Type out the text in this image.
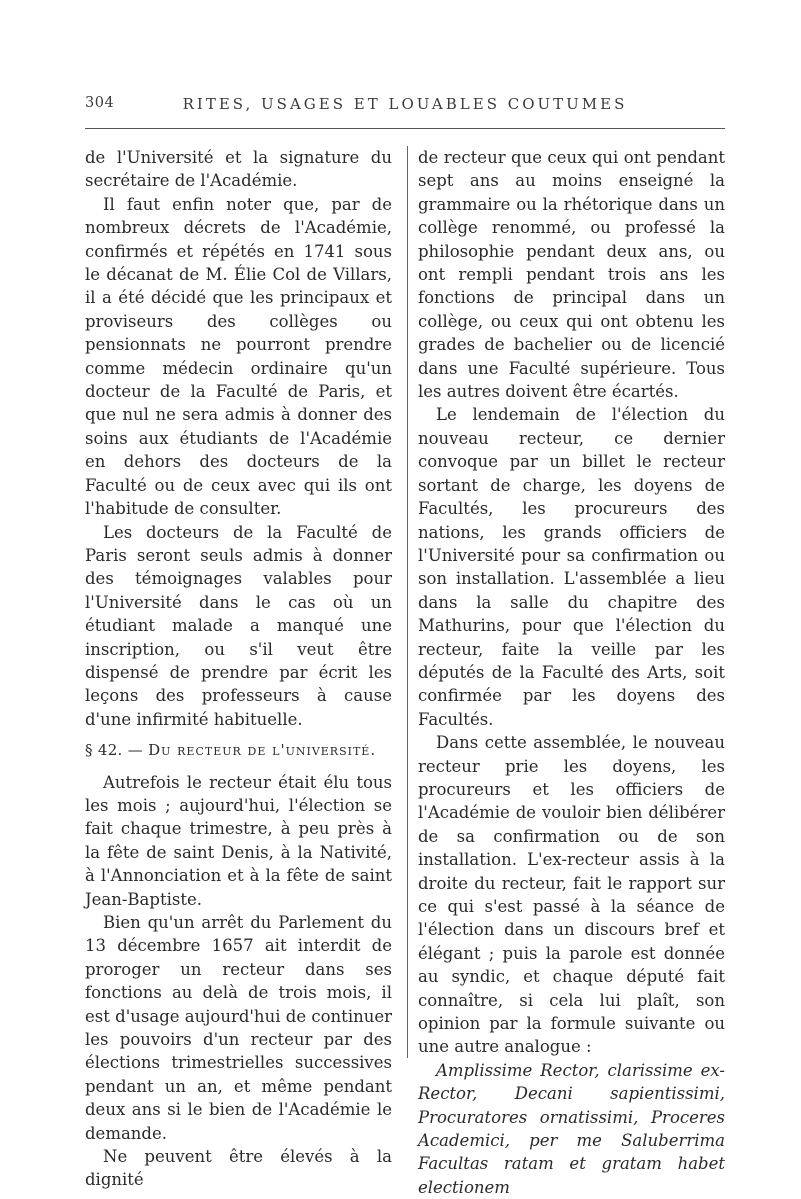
304	RITES, USAGES ET LOUABLES COUTUMES

de l'Université et la signature du secrétaire de l'Académie.

Il faut enfin noter que, par de nombreux décrets de l'Académie, confirmés et répétés en 1741 sous le décanat de M. Élie Col de Villars, il a été décidé que les principaux et proviseurs des collèges ou pensionnats ne pourront prendre comme médecin ordinaire qu'un docteur de la Faculté de Paris, et que nul ne sera admis à donner des soins aux étudiants de l'Académie en dehors des docteurs de la Faculté ou de ceux avec qui ils ont l'habitude de consulter.

Les docteurs de la Faculté de Paris seront seuls admis à donner des témoignages valables pour l'Université dans le cas où un étudiant malade a manqué une inscription, ou s'il veut être dispensé de prendre par écrit les leçons des professeurs à cause d'une infirmité habituelle.

§ 42. — Du recteur de l'université.

Autrefois le recteur était élu tous les mois ; aujourd'hui, l'élection se fait chaque trimestre, à peu près à la fête de saint Denis, à la Nativité, à l'Annonciation et à la fête de saint Jean-Baptiste.

Bien qu'un arrêt du Parlement du 13 décembre 1657 ait interdit de proroger un recteur dans ses fonctions au delà de trois mois, il est d'usage aujourd'hui de continuer les pouvoirs d'un recteur par des élections trimestrielles successives pendant un an, et même pendant deux ans si le bien de l'Académie le demande.

Ne peuvent être élevés à la dignité

de recteur que ceux qui ont pendant sept ans au moins enseigné la grammaire ou la rhétorique dans un collège renommé, ou professé la philosophie pendant deux ans, ou ont rempli pendant trois ans les fonctions de principal dans un collège, ou ceux qui ont obtenu les grades de bachelier ou de licencié dans une Faculté supérieure. Tous les autres doivent être écartés.

Le lendemain de l'élection du nouveau recteur, ce dernier convoque par un billet le recteur sortant de charge, les doyens de Facultés, les procureurs des nations, les grands officiers de l'Université pour sa confirmation ou son installation. L'assemblée a lieu dans la salle du chapitre des Mathurins, pour que l'élection du recteur, faite la veille par les députés de la Faculté des Arts, soit confirmée par les doyens des Facultés.

Dans cette assemblée, le nouveau recteur prie les doyens, les procureurs et les officiers de l'Académie de vouloir bien délibérer de sa confirmation ou de son installation. L'ex-recteur assis à la droite du recteur, fait le rapport sur ce qui s'est passé à la séance de l'élection dans un discours bref et élégant ; puis la parole est donnée au syndic, et chaque député fait connaître, si cela lui plaît, son opinion par la formule suivante ou une autre analogue :

Amplissime Rector, clarissime ex-Rector, Decani sapientissimi, Procuratores ornatissimi, Proceres Academici, per me Saluberrima Facultas ratam et gratam habet electionem
